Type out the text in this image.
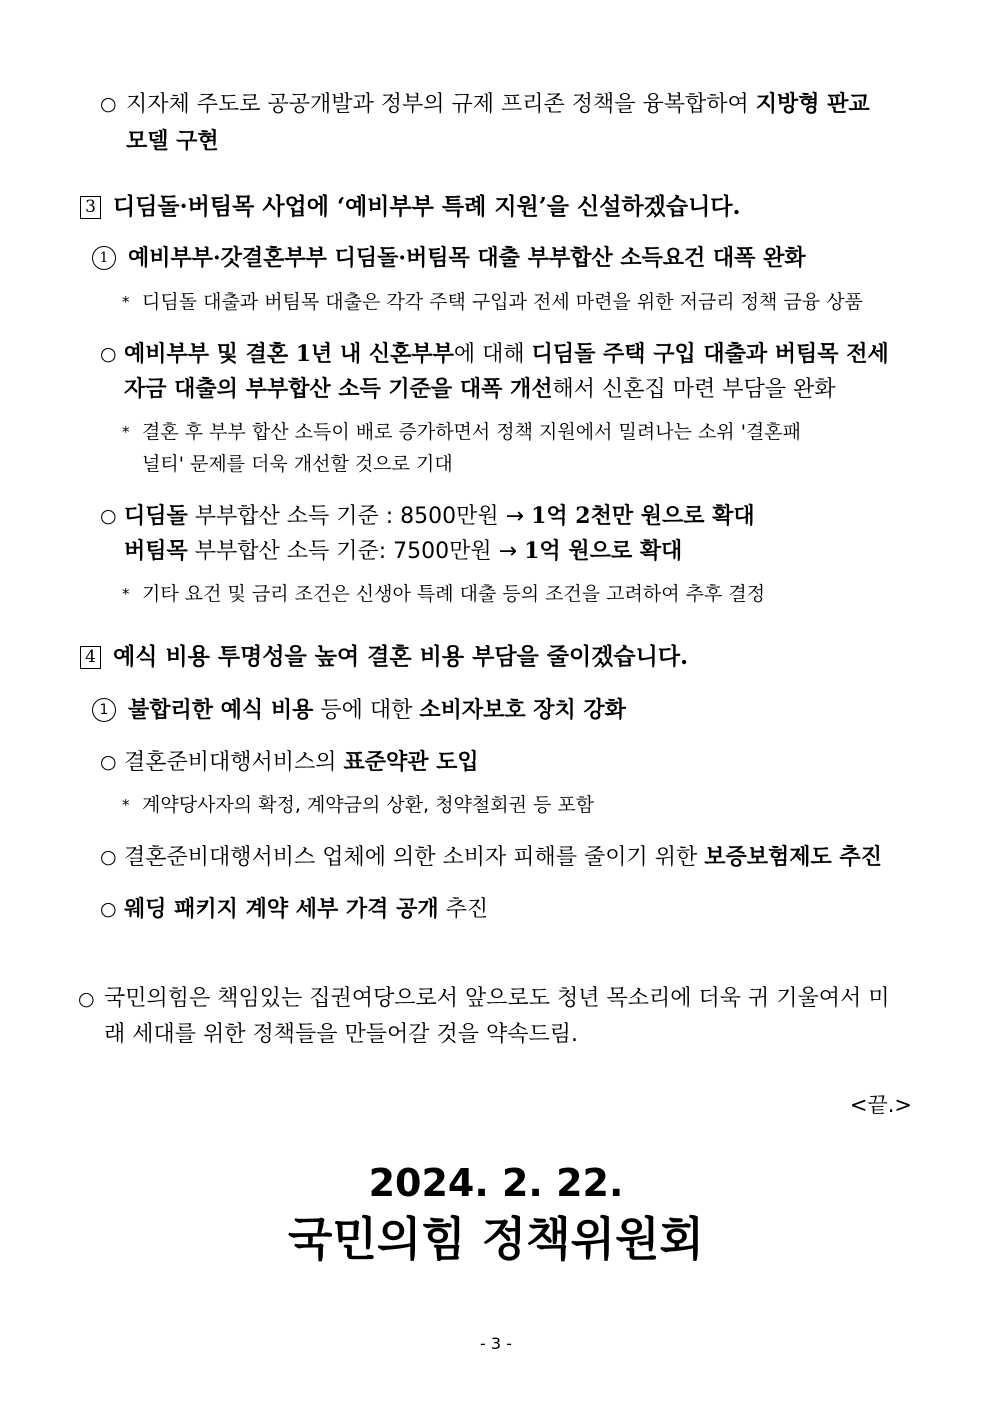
○ 지자체 주도로 공공개발과 정부의 규제 프리존 정책을 융복합하여 지방형 판교
모델 구현
3 디딤돌·버팀목 사업에 ‘예비부부 특례 지원’을 신설하겠습니다.
1 예비부부·갓결혼부부 디딤돌·버팀목 대출 부부합산 소득요건 대폭 완화
* 디딤돌 대출과 버팀목 대출은 각각 주택 구입과 전세 마련을 위한 저금리 정책 금융 상품
○ 예비부부 및 결혼 1년 내 신혼부부에 대해 디딤돌 주택 구입 대출과 버팀목 전세
자금 대출의 부부합산 소득 기준을 대폭 개선해서 신혼집 마련 부담을 완화
* 결혼 후 부부 합산 소득이 배로 증가하면서 정책 지원에서 밀려나는 소위 '결혼패
널티' 문제를 더욱 개선할 것으로 기대
○ 디딤돌 부부합산 소득 기준 : 8500만원 → 1억 2천만 원으로 확대
버팀목 부부합산 소득 기준: 7500만원 → 1억 원으로 확대
* 기타 요건 및 금리 조건은 신생아 특례 대출 등의 조건을 고려하여 추후 결정
4 예식 비용 투명성을 높여 결혼 비용 부담을 줄이겠습니다.
1 불합리한 예식 비용 등에 대한 소비자보호 장치 강화
○ 결혼준비대행서비스의 표준약관 도입
* 계약당사자의 확정, 계약금의 상환, 청약철회권 등 포함
○ 결혼준비대행서비스 업체에 의한 소비자 피해를 줄이기 위한 보증보험제도 추진
○ 웨딩 패키지 계약 세부 가격 공개 추진
○ 국민의힘은 책임있는 집권여당으로서 앞으로도 청년 목소리에 더욱 귀 기울여서 미
래 세대를 위한 정책들을 만들어갈 것을 약속드림.
<끝.>
2024. 2. 22.
국민의힘 정책위원회
- 3 -
